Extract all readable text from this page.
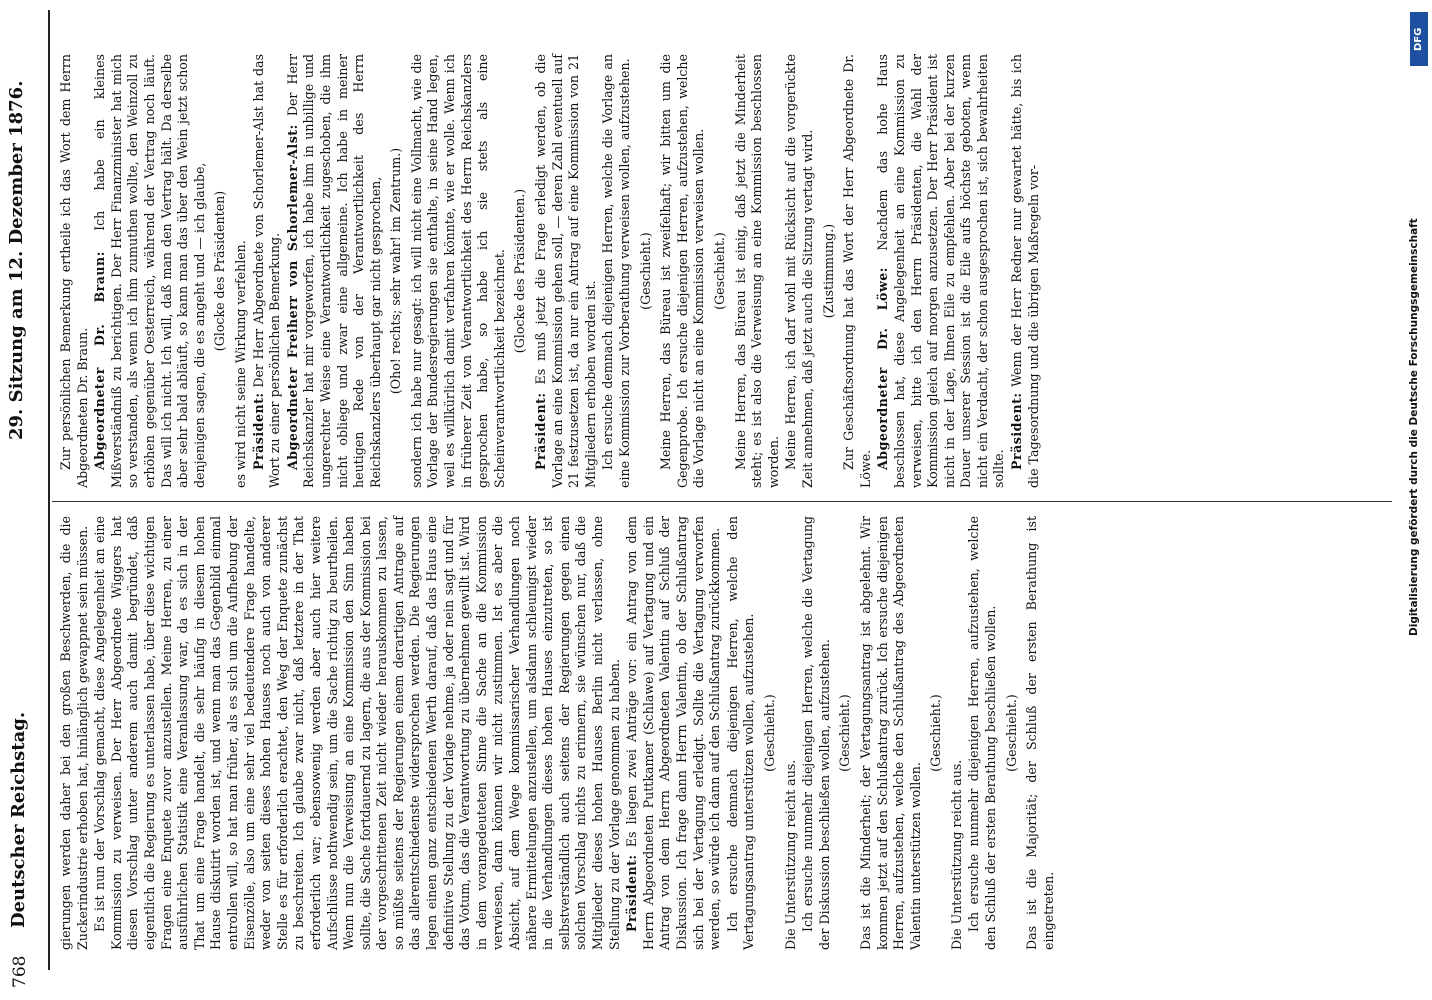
768
Deutscher Reichstag.
29. Sitzung am 12. Dezember 1876.

gierungen werden daher bei den großen Beschwerden, die die Zuckerindustrie erhoben hat, hinlänglich gewappnet sein müssen. Es ist nun der Vorschlag gemacht, diese Angelegenheit an eine Kommission zu verweisen. Der Herr Abgeordnete Wiggers hat diesen Vorschlag unter anderem auch damit begründet, daß eigentlich die Regierung es unterlassen habe, über diese wichtigen Fragen eine Enquete zuvor anzustellen. Meine Herren, zu einer ausführlichen Statistik eine Veranlassung war, da es sich in der That um eine Frage handelt, die sehr häufig in diesem hohen Hause diskutirt worden ist, und wenn man das Gegenbild einmal entrollen will, so hat man früher, als es sich um die Aufhebung der Eisenzölle, also um eine sehr viel bedeutendere Frage handelte, weder von seiten dieses hohen Hauses noch auch von anderer Stelle es für erforderlich erachtet, den Weg der Enquete zunächst zu beschreiten. Ich glaube zwar nicht, daß letztere in der That erforderlich war; ebensowenig werden aber auch hier weitere Aufschlüsse nothwendig sein, um die Sache richtig zu beurtheilen. Wenn nun die Verweisung an eine Kommission den Sinn haben sollte, die Sache fortdauernd zu lagern, die aus der Kommission bei der vorgeschrittenen Zeit nicht wieder herauskommen zu lassen, so müßte seitens der Regierungen einem derartigen Antrage auf das allerentschiedenste widersprochen werden. Die Regierungen legen einen ganz entschiedenen Werth darauf, daß das Haus eine definitive Stellung zu der Vorlage nehme, ja oder nein sagt und für das Votum, das die Verantwortung zu übernehmen gewillt ist. Wird in dem vorangedeuteten Sinne die Sache an die Kommission verwiesen, dann können wir nicht zustimmen. Ist es aber die Absicht, auf dem Wege kommissarischer Verhandlungen noch nähere Ermittelungen anzustellen, um alsdann schleunigst wieder in die Verhandlungen dieses hohen Hauses einzutreten, so ist selbstverständlich auch seitens der Regierungen gegen einen solchen Vorschlag nichts zu erinnern, sie wünschen nur, daß die Mitglieder dieses hohen Hauses Berlin nicht verlassen, ohne Stellung zu der Vorlage genommen zu haben. Präsident: Es liegen zwei Anträge vor: ein Antrag von dem Herrn Abgeordneten Puttkamer (Schlawe) auf Vertagung und ein Antrag von dem Herrn Abgeordneten Valentin auf Schluß der Diskussion. Ich frage dann Herrn Valentin, ob der Schlußantrag sich bei der Vertagung erledigt. Sollte die Vertagung verworfen werden, so würde ich dann auf den Schlußantrag zurückkommen. Ich ersuche demnach diejenigen Herren, welche den Vertagungsantrag unterstützen wollen, aufzustehen. (Geschieht.)

Die Unterstützung reicht aus. Ich ersuche nunmehr diejenigen Herren, welche die Vertagung der Diskussion beschließen wollen, aufzustehen. (Geschieht.) Das ist die Minderheit; der Vertagungsantrag ist abgelehnt. Wir kommen jetzt auf den Schlußantrag zurück. Ich ersuche diejenigen Herren, aufzustehen, welche den Schlußantrag des Abgeordneten Valentin unterstützen wollen.

(Geschieht.)

Die Unterstützung reicht aus. Ich ersuche nunmehr diejenigen Herren, aufzustehen, welche den Schluß der ersten Berathung beschließen wollen. (Geschieht.) Das ist die Majorität; der Schluß der ersten Berathung ist eingetreten.

Zur persönlichen Bemerkung ertheile ich das Wort dem Herrn Abgeordneten Dr. Braun. Abgeordneter Dr. Braun: Ich habe ein kleines Mißverständniß zu berichtigen. Der Herr Finanzminister hat mich so verstanden, als wenn ich ihm zumuthen wollte, den Weinzoll zu erhöhen gegenüber Oesterreich, während der Vertrag noch läuft. Das will ich nicht. Ich will, daß man den Vertrag hält. Da derselbe aber sehr bald abläuft, so kann man das über den Wein jetzt schon denjenigen sagen, die es angeht und — ich glaube, (Glocke des Präsidenten) es wird nicht seine Wirkung verfehlen. Präsident: Der Herr Abgeordnete von Schorlemer-Alst hat das Wort zu einer persönlichen Bemerkung. Abgeordneter Freiherr von Schorlemer-Alst: Der Herr Reichskanzler hat mir vorgeworfen, ich habe ihm in unbillige und ungerechter Weise eine Verantwortlichkeit zugeschoben, die ihm nicht obliege und zwar eine allgemeine. Ich habe in meiner heutigen Rede von der Verantwortlichkeit des Herrn Reichskanzlers überhaupt gar nicht gesprochen, (Oho! rechts; sehr wahr! im Zentrum.) sondern ich habe nur gesagt: ich will nicht eine Vollmacht, wie die Vorlage der Bundesregierungen sie enthalte, in seine Hand legen, weil es willkürlich damit verfahren könnte, wie er wolle. Wenn ich in früherer Zeit von Verantwortlichkeit des Herrn Reichskanzlers gesprochen habe, so habe ich sie stets als eine Scheinverantwortlichkeit bezeichnet. (Glocke des Präsidenten.)

Präsident: Es muß jetzt die Frage erledigt werden, ob die Vorlage an eine Kommission gehen soll, — deren Zahl eventuell auf 21 festzusetzen ist, da nur ein Antrag auf eine Kommission von 21 Mitgliedern erhoben worden ist. Ich ersuche demnach diejenigen Herren, welche die Vorlage an eine Kommission zur Vorberathung verweisen wollen, aufzustehen. (Geschieht.) Meine Herren, das Büreau ist zweifelhaft; wir bitten um die Gegenprobe. Ich ersuche diejenigen Herren, aufzustehen, welche die Vorlage nicht an eine Kommission verweisen wollen. (Geschieht.) Meine Herren, das Büreau ist einig, daß jetzt die Minderheit steht; es ist also die Verweisung an eine Kommission beschlossen worden. Meine Herren, ich darf wohl mit Rücksicht auf die vorgerückte Zeit annehmen, daß jetzt auch die Sitzung vertagt wird. (Zustimmung.) Zur Geschäftsordnung hat das Wort der Herr Abgeordnete Dr. Löwe. Abgeordneter Dr. Löwe: Nachdem das hohe Haus beschlossen hat, diese Angelegenheit an eine Kommission zu verweisen, bitte ich den Herrn Präsidenten, die Wahl der Kommission gleich auf morgen anzusetzen. Der Herr Präsident ist nicht in der Lage, Ihnen Eile zu empfehlen. Aber bei der kurzen Dauer unserer Session ist die Eile aufs höchste geboten, wenn nicht ein Verdacht, der schon ausgesprochen ist, sich bewahrheiten sollte. Präsident: Wenn der Herr Redner nur gewartet hätte, bis ich die Tagesordnung und die übrigen Maßregeln vor-

DFG
Digitalisierung gefördert durch die Deutsche Forschungsgemeinschaft
